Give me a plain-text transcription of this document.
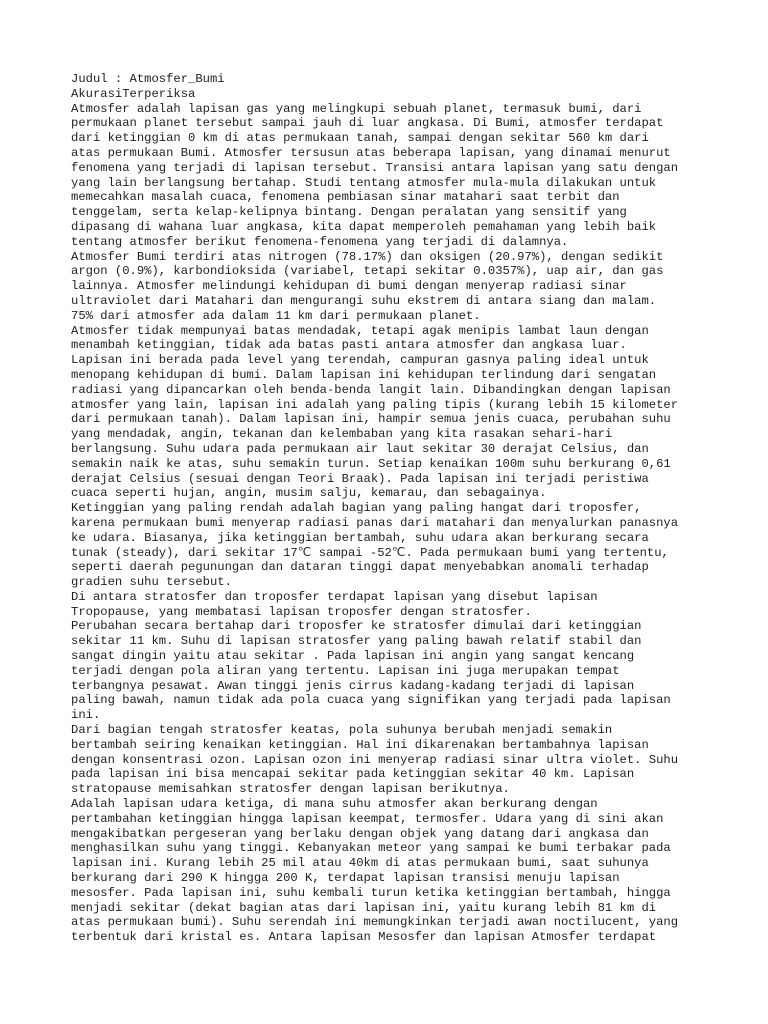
Judul : Atmosfer_Bumi
AkurasiTerperiksa
Atmosfer adalah lapisan gas yang melingkupi sebuah planet, termasuk bumi, dari
permukaan planet tersebut sampai jauh di luar angkasa. Di Bumi, atmosfer terdapat
dari ketinggian 0 km di atas permukaan tanah, sampai dengan sekitar 560 km dari
atas permukaan Bumi. Atmosfer tersusun atas beberapa lapisan, yang dinamai menurut
fenomena yang terjadi di lapisan tersebut. Transisi antara lapisan yang satu dengan
yang lain berlangsung bertahap. Studi tentang atmosfer mula-mula dilakukan untuk
memecahkan masalah cuaca, fenomena pembiasan sinar matahari saat terbit dan
tenggelam, serta kelap-kelipnya bintang. Dengan peralatan yang sensitif yang
dipasang di wahana luar angkasa, kita dapat memperoleh pemahaman yang lebih baik
tentang atmosfer berikut fenomena-fenomena yang terjadi di dalamnya.
Atmosfer Bumi terdiri atas nitrogen (78.17%) dan oksigen (20.97%), dengan sedikit
argon (0.9%), karbondioksida (variabel, tetapi sekitar 0.0357%), uap air, dan gas
lainnya. Atmosfer melindungi kehidupan di bumi dengan menyerap radiasi sinar
ultraviolet dari Matahari dan mengurangi suhu ekstrem di antara siang dan malam.
75% dari atmosfer ada dalam 11 km dari permukaan planet.
Atmosfer tidak mempunyai batas mendadak, tetapi agak menipis lambat laun dengan
menambah ketinggian, tidak ada batas pasti antara atmosfer dan angkasa luar.
Lapisan ini berada pada level yang terendah, campuran gasnya paling ideal untuk
menopang kehidupan di bumi. Dalam lapisan ini kehidupan terlindung dari sengatan
radiasi yang dipancarkan oleh benda-benda langit lain. Dibandingkan dengan lapisan
atmosfer yang lain, lapisan ini adalah yang paling tipis (kurang lebih 15 kilometer
dari permukaan tanah). Dalam lapisan ini, hampir semua jenis cuaca, perubahan suhu
yang mendadak, angin, tekanan dan kelembaban yang kita rasakan sehari-hari
berlangsung. Suhu udara pada permukaan air laut sekitar 30 derajat Celsius, dan
semakin naik ke atas, suhu semakin turun. Setiap kenaikan 100m suhu berkurang 0,61
derajat Celsius (sesuai dengan Teori Braak). Pada lapisan ini terjadi peristiwa
cuaca seperti hujan, angin, musim salju, kemarau, dan sebagainya.
Ketinggian yang paling rendah adalah bagian yang paling hangat dari troposfer,
karena permukaan bumi menyerap radiasi panas dari matahari dan menyalurkan panasnya
ke udara. Biasanya, jika ketinggian bertambah, suhu udara akan berkurang secara
tunak (steady), dari sekitar 17℃ sampai -52℃. Pada permukaan bumi yang tertentu,
seperti daerah pegunungan dan dataran tinggi dapat menyebabkan anomali terhadap
gradien suhu tersebut.
Di antara stratosfer dan troposfer terdapat lapisan yang disebut lapisan
Tropopause, yang membatasi lapisan troposfer dengan stratosfer.
Perubahan secara bertahap dari troposfer ke stratosfer dimulai dari ketinggian
sekitar 11 km. Suhu di lapisan stratosfer yang paling bawah relatif stabil dan
sangat dingin yaitu atau sekitar . Pada lapisan ini angin yang sangat kencang
terjadi dengan pola aliran yang tertentu. Lapisan ini juga merupakan tempat
terbangnya pesawat. Awan tinggi jenis cirrus kadang-kadang terjadi di lapisan
paling bawah, namun tidak ada pola cuaca yang signifikan yang terjadi pada lapisan
ini.
Dari bagian tengah stratosfer keatas, pola suhunya berubah menjadi semakin
bertambah seiring kenaikan ketinggian. Hal ini dikarenakan bertambahnya lapisan
dengan konsentrasi ozon. Lapisan ozon ini menyerap radiasi sinar ultra violet. Suhu
pada lapisan ini bisa mencapai sekitar pada ketinggian sekitar 40 km. Lapisan
stratopause memisahkan stratosfer dengan lapisan berikutnya.
Adalah lapisan udara ketiga, di mana suhu atmosfer akan berkurang dengan
pertambahan ketinggian hingga lapisan keempat, termosfer. Udara yang di sini akan
mengakibatkan pergeseran yang berlaku dengan objek yang datang dari angkasa dan
menghasilkan suhu yang tinggi. Kebanyakan meteor yang sampai ke bumi terbakar pada
lapisan ini. Kurang lebih 25 mil atau 40km di atas permukaan bumi, saat suhunya
berkurang dari 290 K hingga 200 K, terdapat lapisan transisi menuju lapisan
mesosfer. Pada lapisan ini, suhu kembali turun ketika ketinggian bertambah, hingga
menjadi sekitar (dekat bagian atas dari lapisan ini, yaitu kurang lebih 81 km di
atas permukaan bumi). Suhu serendah ini memungkinkan terjadi awan noctilucent, yang
terbentuk dari kristal es. Antara lapisan Mesosfer dan lapisan Atmosfer terdapat
